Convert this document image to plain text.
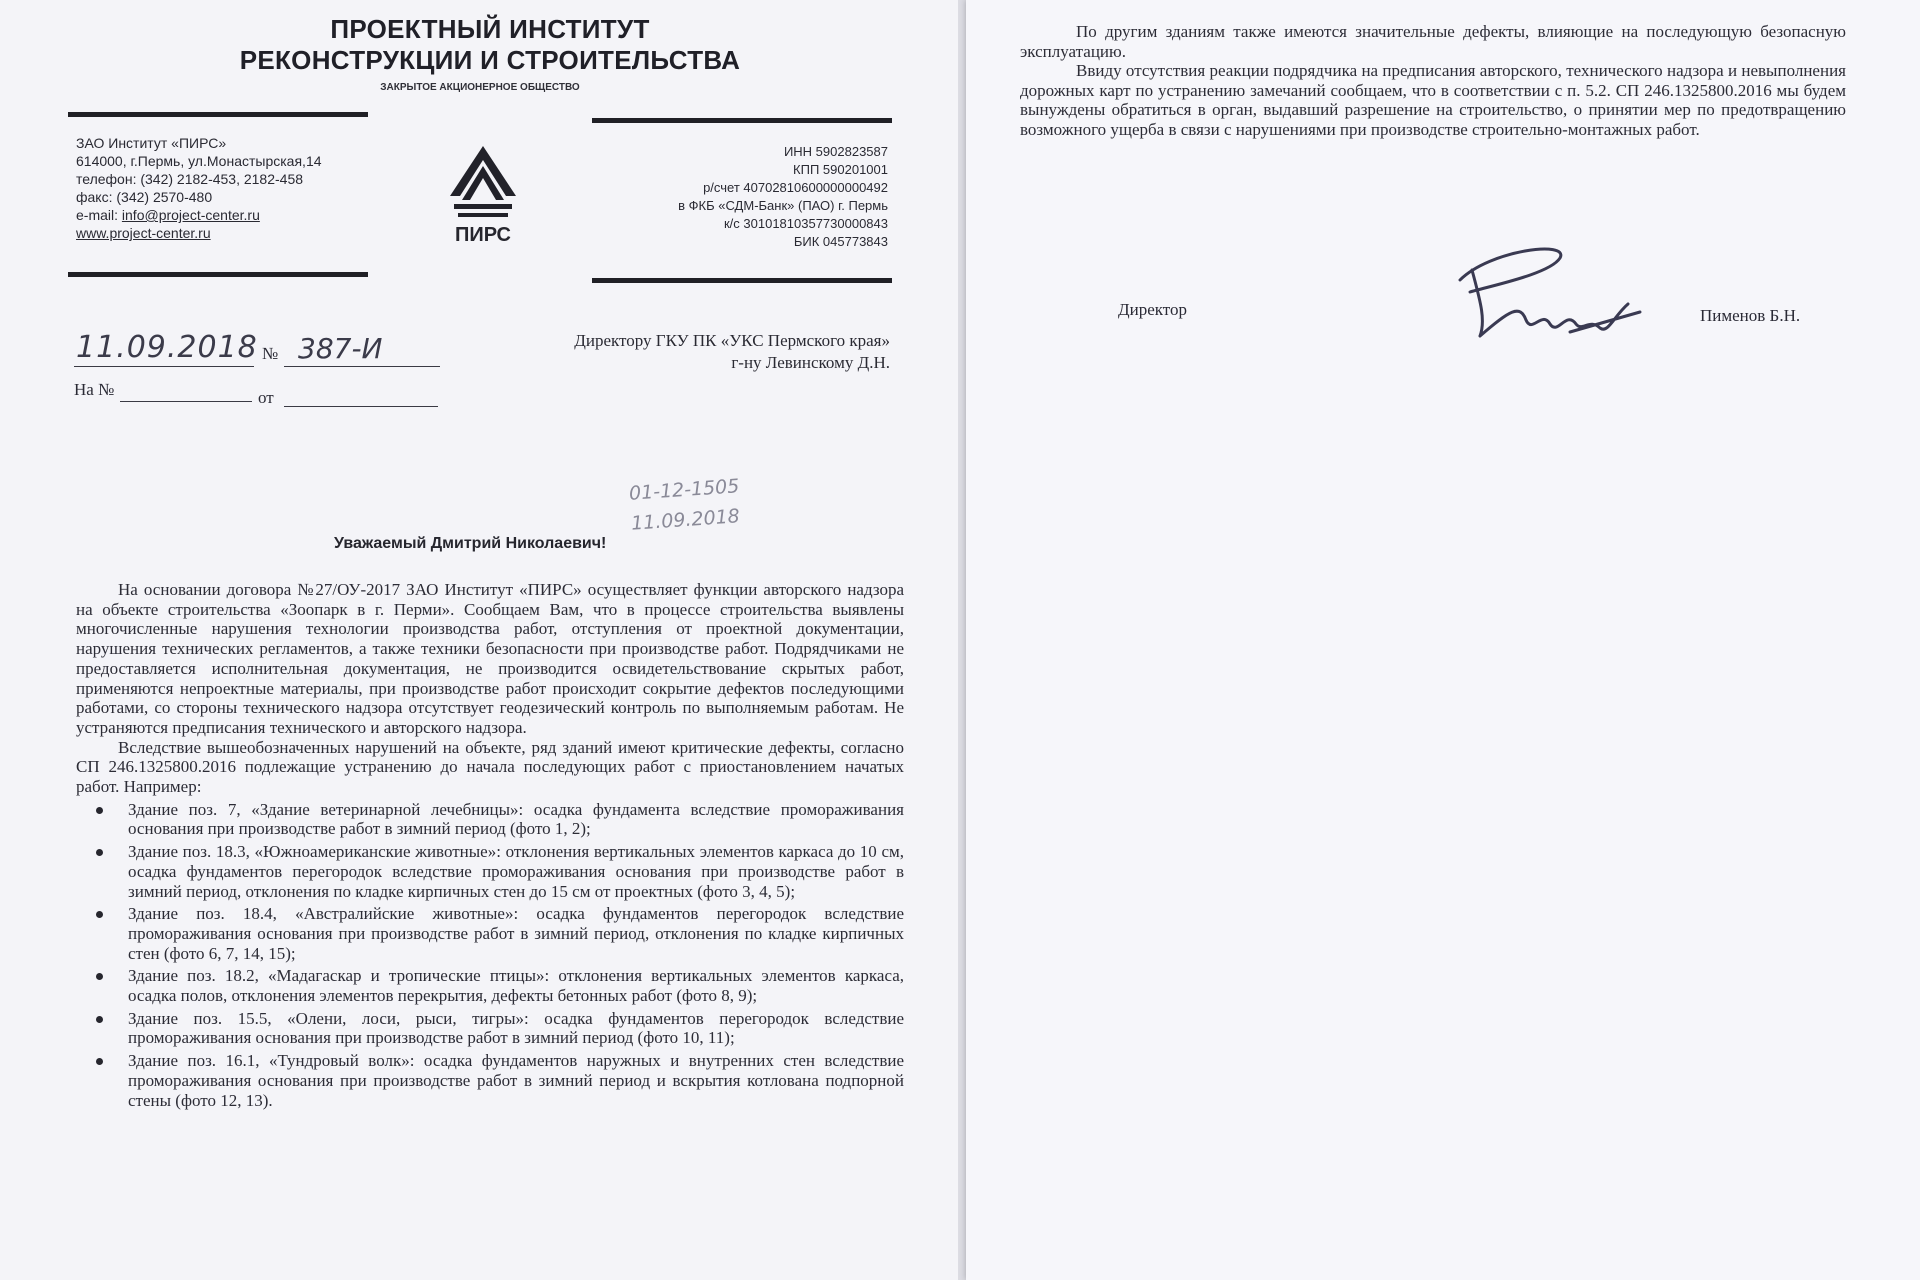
ПРОЕКТНЫЙ ИНСТИТУТ
РЕКОНСТРУКЦИИ И СТРОИТЕЛЬСТВА
ЗАКРЫТОЕ АКЦИОНЕРНОЕ ОБЩЕСТВО
ЗАО Институт «ПИРС»
614000, г.Пермь, ул.Монастырская,14
телефон: (342) 2182-453, 2182-458
факс: (342) 2570-480
e-mail: info@project-center.ru
www.project-center.ru	ПИРС
ИНН 5902823587
КПП 590201001
р/счет 40702810600000000492
в ФКБ «СДМ-Банк» (ПАО) г. Пермь
к/с 30101810357730000843
БИК 045773843
11.09.2018 № 387-И
На №	от
Директору ГКУ ПК «УКС Пермского края»
г-ну Левинскому Д.Н.
01-12-1505
11.09.2018
Уважаемый Дмитрий Николаевич!

На основании договора №27/ОУ-2017 ЗАО Институт «ПИРС» осуществляет функции авторского надзора на объекте строительства «Зоопарк в г. Перми». Сообщаем Вам, что в процессе строительства выявлены многочисленные нарушения технологии производства работ, отступления от проектной документации, нарушения технических регламентов, а также техники безопасности при производстве работ. Подрядчиками не предоставляется исполнительная документация, не производится освидетельствование скрытых работ, применяются непроектные материалы, при производстве работ происходит сокрытие дефектов последующими работами, со стороны технического надзора отсутствует геодезический контроль по выполняемым работам. Не устраняются предписания технического и авторского надзора.

Вследствие вышеобозначенных нарушений на объекте, ряд зданий имеют критические дефекты, согласно СП 246.1325800.2016 подлежащие устранению до начала последующих работ с приостановлением начатых работ. Например:

Здание поз. 7, «Здание ветеринарной лечебницы»: осадка фундамента вследствие промораживания основания при производстве работ в зимний период (фото 1, 2);
Здание поз. 18.3, «Южноамериканские животные»: отклонения вертикальных элементов каркаса до 10 см, осадка фундаментов перегородок вследствие промораживания основания при производстве работ в зимний период, отклонения по кладке кирпичных стен до 15 см от проектных (фото 3, 4, 5);
Здание поз. 18.4, «Австралийские животные»: осадка фундаментов перегородок вследствие промораживания основания при производстве работ в зимний период, отклонения по кладке кирпичных стен (фото 6, 7, 14, 15);
Здание поз. 18.2, «Мадагаскар и тропические птицы»: отклонения вертикальных элементов каркаса, осадка полов, отклонения элементов перекрытия, дефекты бетонных работ (фото 8, 9);
Здание поз. 15.5, «Олени, лоси, рыси, тигры»: осадка фундаментов перегородок вследствие промораживания основания при производстве работ в зимний период (фото 10, 11);
Здание поз. 16.1, «Тундровый волк»: осадка фундаментов наружных и внутренних стен вследствие промораживания основания при производстве работ в зимний период и вскрытия котлована подпорной стены (фото 12, 13).

По другим зданиям также имеются значительные дефекты, влияющие на последующую безопасную эксплуатацию.

Ввиду отсутствия реакции подрядчика на предписания авторского, технического надзора и невыполнения дорожных карт по устранению замечаний сообщаем, что в соответствии с п. 5.2. СП 246.1325800.2016 мы будем вынуждены обратиться в орган, выдавший разрешение на строительство, о принятии мер по предотвращению возможного ущерба в связи с нарушениями при производстве строительно-монтажных работ.

Директор	Пименов Б.Н.
